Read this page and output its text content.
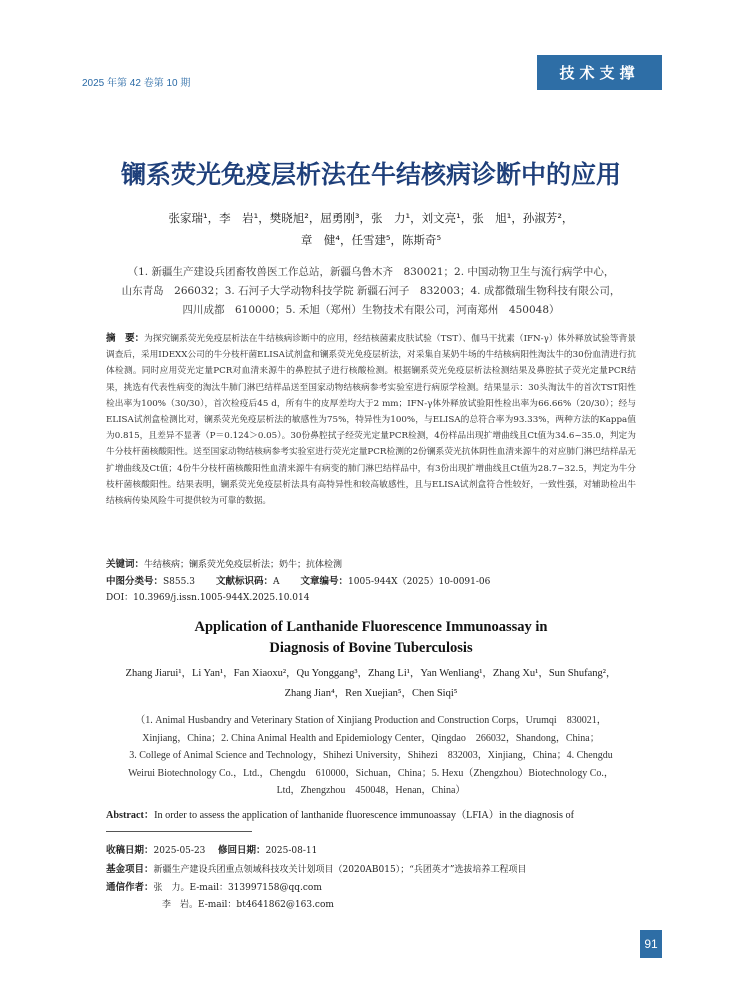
2025 年第 42 卷第 10 期
技术支撑
镧系荧光免疫层析法在牛结核病诊断中的应用
张家瑞¹，李　岩¹，樊晓旭²，屈勇刚³，张　力¹，刘文亮¹，张　旭¹，孙淑芳²，
章　健⁴，任雪建⁵，陈斯奇⁵
（1. 新疆生产建设兵团畜牧兽医工作总站，新疆乌鲁木齐　830021；2. 中国动物卫生与流行病学中心，
山东青岛　266032；3. 石河子大学动物科技学院 新疆石河子　832003；4. 成都微瑞生物科技有限公司，
四川成都　610000；5. 禾旭（郑州）生物技术有限公司，河南郑州　450048）
摘　要：为探究镧系荧光免疫层析法在牛结核病诊断中的应用，经结核菌素皮肤试验（TST）、伽马干扰素（IFN-γ）体外释放试验等背景调查后，采用IDEXX公司的牛分枝杆菌ELISA试剂盒和镧系荧光免疫层析法，对采集自某奶牛场的牛结核病阳性淘汰牛的30份血清进行抗体检测。同时应用荧光定量PCR对血清来源牛的鼻腔拭子进行核酸检测。根据镧系荧光免疫层析法检测结果及鼻腔拭子荧光定量PCR结果，挑选有代表性病变的淘汰牛肺门淋巴结样品送至国家动物结核病参考实验室进行病原学检测。结果显示：30头淘汰牛的首次TST阳性检出率为100%（30/30），首次检疫后45 d，所有牛的皮厚差均大于2 mm；IFN-γ体外释放试验阳性检出率为66.66%（20/30）；经与ELISA试剂盒检测比对，镧系荧光免疫层析法的敏感性为75%，特异性为100%，与ELISA的总符合率为93.33%，两种方法的Kappa值为0.815，且差异不显著（P＝0.124＞0.05）。30份鼻腔拭子经荧光定量PCR检测，4份样品出现扩增曲线且Ct值为34.6~35.0，判定为牛分枝杆菌核酸阳性。送至国家动物结核病参考实验室进行荧光定量PCR检测的2份镧系荧光抗体阴性血清来源牛的对应肺门淋巴结样品无扩增曲线及Ct值；4份牛分枝杆菌核酸阳性血清来源牛有病变的肺门淋巴结样品中，有3份出现扩增曲线且Ct值为28.7~32.5，判定为牛分枝杆菌核酸阳性。结果表明，镧系荧光免疫层析法具有高特异性和较高敏感性，且与ELISA试剂盒符合性较好，一致性强，对辅助检出牛结核病传染风险牛可提供较为可靠的数据。
关键词：牛结核病；镧系荧光免疫层析法；奶牛；抗体检测
中图分类号：S855.3 文献标识码：A 文章编号：1005-944X（2025）10-0091-06
DOI：10.3969/j.issn.1005-944X.2025.10.014
Application of Lanthanide Fluorescence Immunoassay in
Diagnosis of Bovine Tuberculosis
Zhang Jiarui¹，Li Yan¹，Fan Xiaoxu²，Qu Yonggang³，Zhang Li¹，Yan Wenliang¹，Zhang Xu¹，Sun Shufang²，
Zhang Jian⁴，Ren Xuejian⁵，Chen Siqi⁵
（1. Animal Husbandry and Veterinary Station of Xinjiang Production and Construction Corps，Urumqi　830021，
Xinjiang，China；2. China Animal Health and Epidemiology Center，Qingdao　266032，Shandong，China；
3. College of Animal Science and Technology，Shihezi University，Shihezi　832003，Xinjiang，China；4. Chengdu
Weirui Biotechnology Co.，Ltd.，Chengdu　610000，Sichuan，China；5. Hexu（Zhengzhou）Biotechnology Co.，
Ltd，Zhengzhou　450048，Henan，China）
Abstract：In order to assess the application of lanthanide fluorescence immunoassay（LFIA）in the diagnosis of
收稿日期：2025-05-23　 修回日期：2025-08-11
基金项目：新疆生产建设兵团重点领域科技攻关计划项目（2020AB015）；“兵团英才”选拔培养工程项目
通信作者：张　力。E-mail：313997158@qq.com
李　岩。E-mail：bt4641862@163.com
91
